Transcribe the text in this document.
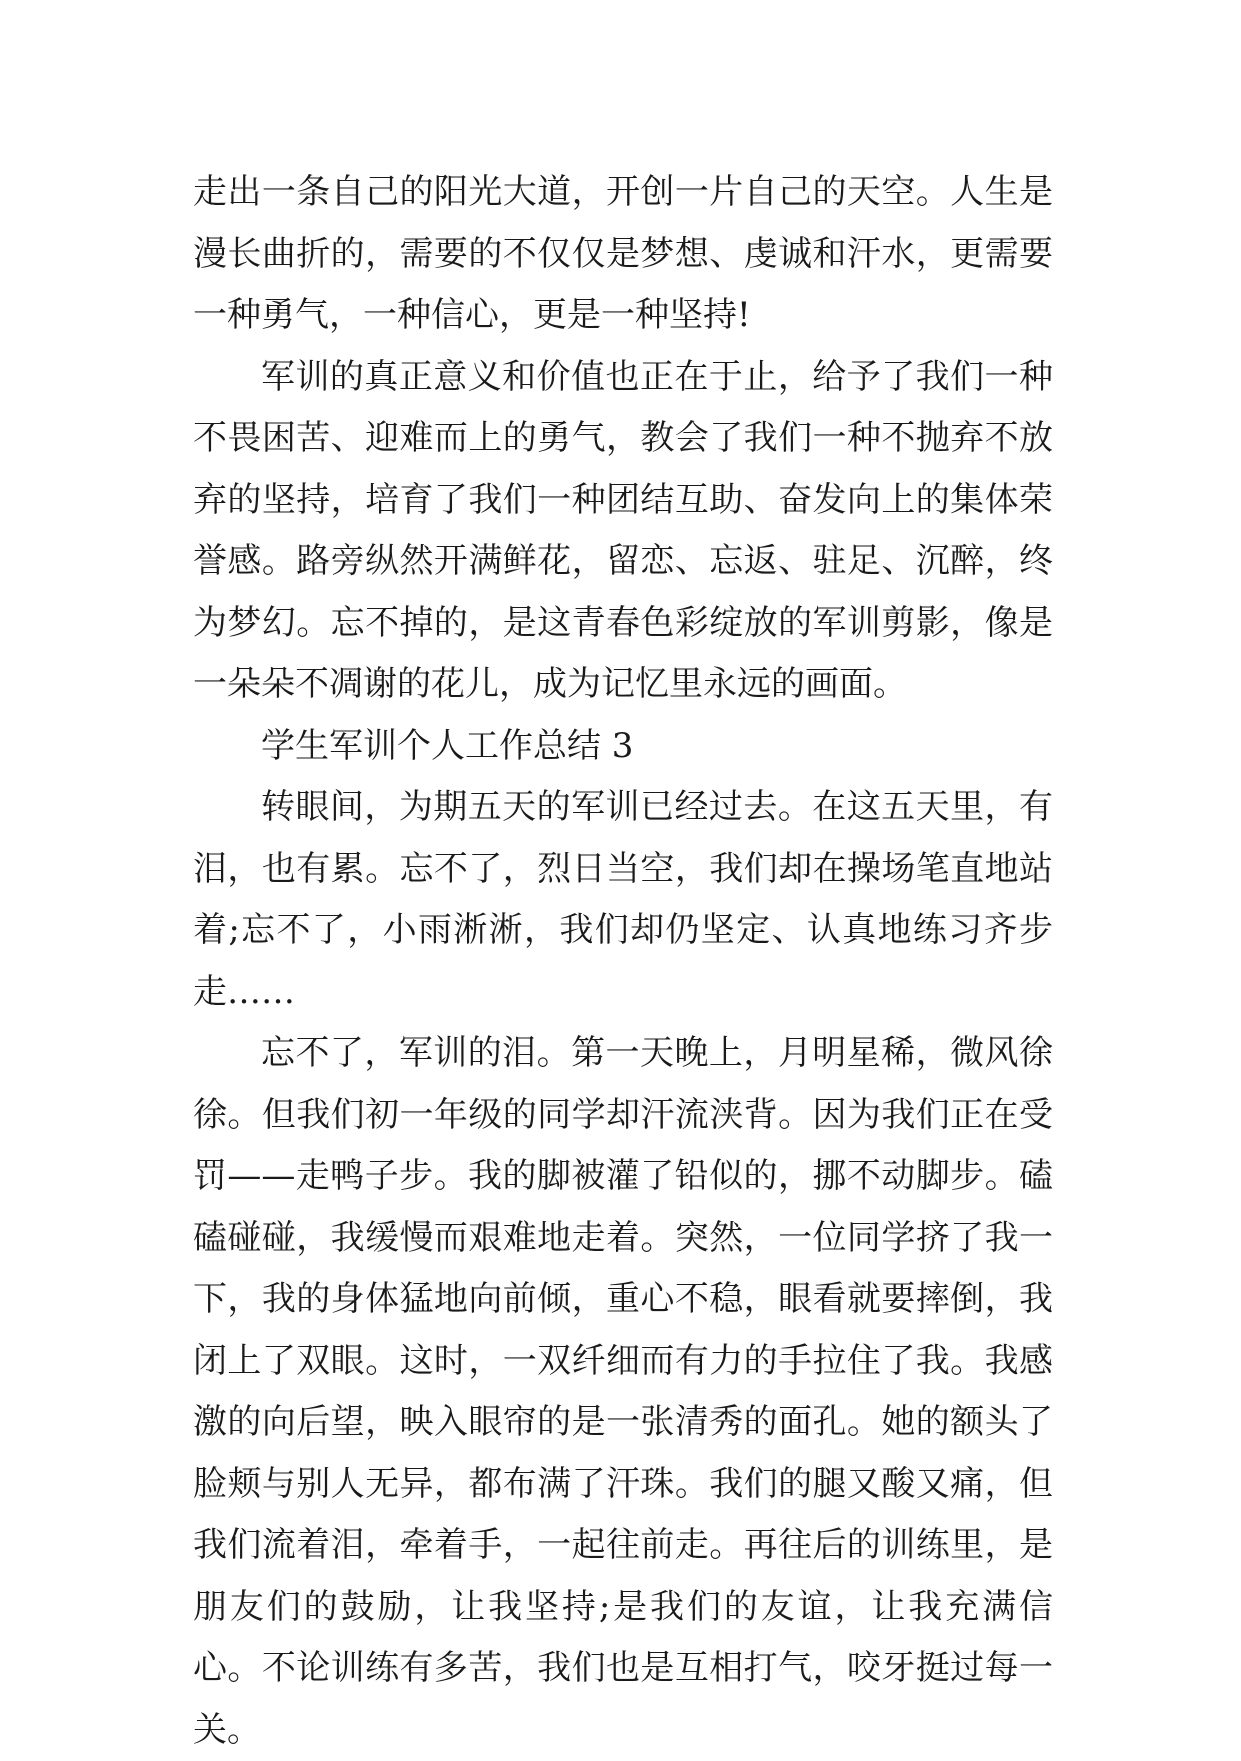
走出一条自己的阳光大道，开创一片自己的天空。人生是漫长曲折的，需要的不仅仅是梦想、虔诚和汗水，更需要一种勇气，一种信心，更是一种坚持!

军训的真正意义和价值也正在于止，给予了我们一种不畏困苦、迎难而上的勇气，教会了我们一种不抛弃不放弃的坚持，培育了我们一种团结互助、奋发向上的集体荣誉感。路旁纵然开满鲜花，留恋、忘返、驻足、沉醉，终为梦幻。忘不掉的，是这青春色彩绽放的军训剪影，像是一朵朵不凋谢的花儿，成为记忆里永远的画面。

学生军训个人工作总结 3

转眼间，为期五天的军训已经过去。在这五天里，有泪，也有累。忘不了，烈日当空，我们却在操场笔直地站着;忘不了，小雨淅淅，我们却仍坚定、认真地练习齐步走……

忘不了，军训的泪。第一天晚上，月明星稀，微风徐徐。但我们初一年级的同学却汗流浃背。因为我们正在受罚——走鸭子步。我的脚被灌了铅似的，挪不动脚步。磕磕碰碰，我缓慢而艰难地走着。突然，一位同学挤了我一下，我的身体猛地向前倾，重心不稳，眼看就要摔倒，我闭上了双眼。这时，一双纤细而有力的手拉住了我。我感激的向后望，映入眼帘的是一张清秀的面孔。她的额头了脸颊与别人无异，都布满了汗珠。我们的腿又酸又痛，但我们流着泪，牵着手，一起往前走。再往后的训练里，是朋友们的鼓励，让我坚持;是我们的友谊，让我充满信心。不论训练有多苦，我们也是互相打气，咬牙挺过每一关。
